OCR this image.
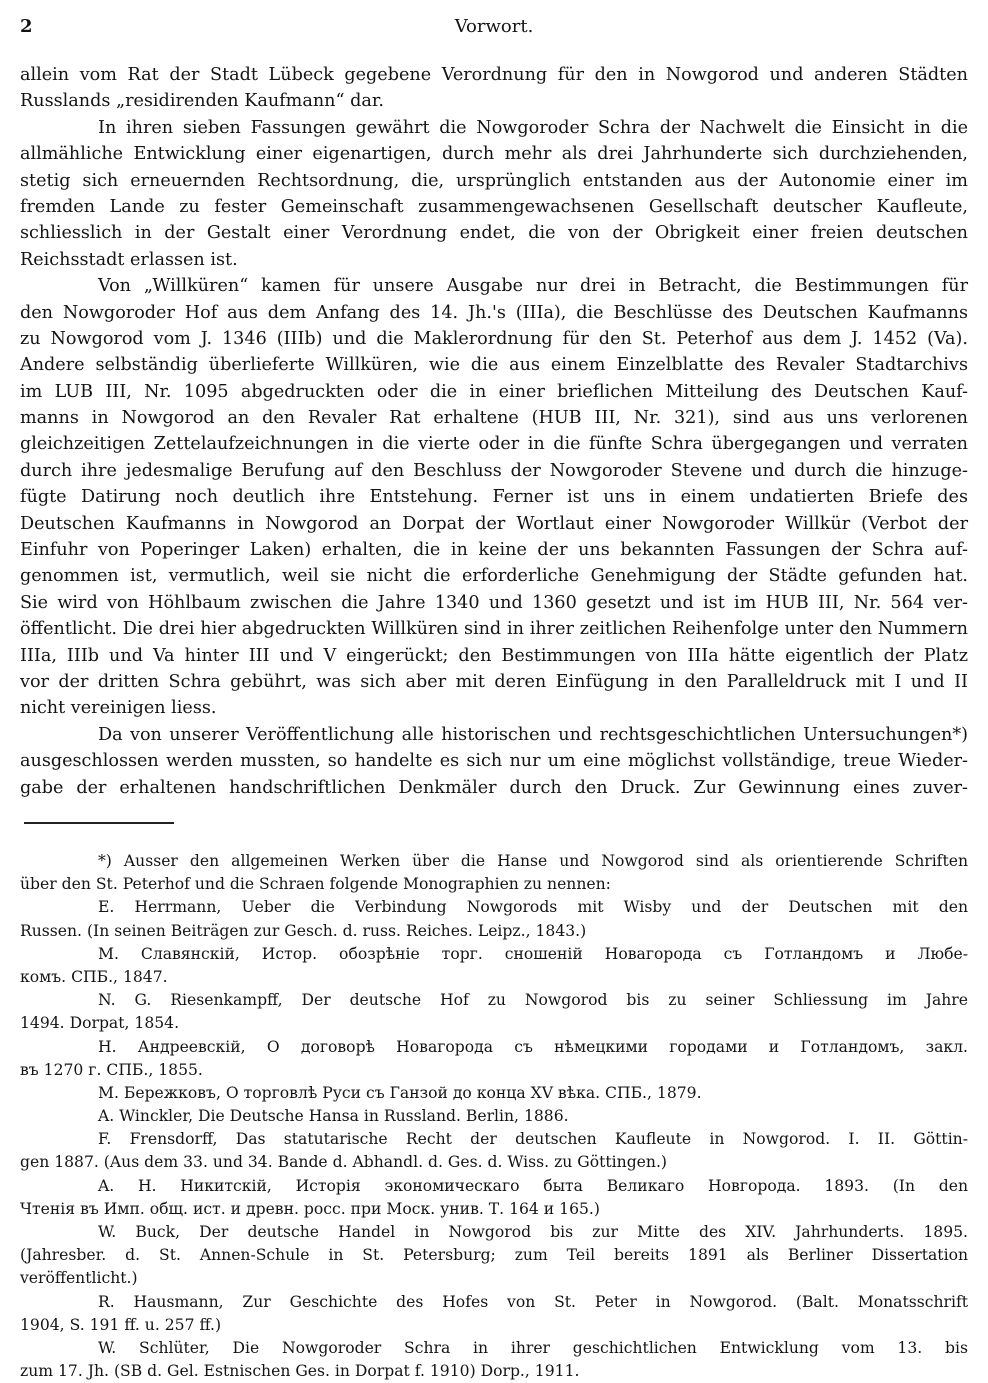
2	Vorwort.
allein vom Rat der Stadt Lübeck gegebene Verordnung für den in Nowgorod und anderen Städten
Russlands „residirenden Kaufmann“ dar.
In ihren sieben Fassungen gewährt die Nowgoroder Schra der Nachwelt die Einsicht in die
allmähliche Entwicklung einer eigenartigen, durch mehr als drei Jahrhunderte sich durchziehenden,
stetig sich erneuernden Rechtsordnung, die, ursprünglich entstanden aus der Autonomie einer im
fremden Lande zu fester Gemeinschaft zusammengewachsenen Gesellschaft deutscher Kaufleute,
schliesslich in der Gestalt einer Verordnung endet, die von der Obrigkeit einer freien deutschen
Reichsstadt erlassen ist.
Von „Willküren“ kamen für unsere Ausgabe nur drei in Betracht, die Bestimmungen für
den Nowgoroder Hof aus dem Anfang des 14. Jh.'s (IIIa), die Beschlüsse des Deutschen Kaufmanns
zu Nowgorod vom J. 1346 (IIIb) und die Maklerordnung für den St. Peterhof aus dem J. 1452 (Va).
Andere selbständig überlieferte Willküren, wie die aus einem Einzelblatte des Revaler Stadtarchivs
im LUB III, Nr. 1095 abgedruckten oder die in einer brieflichen Mitteilung des Deutschen Kauf-
manns in Nowgorod an den Revaler Rat erhaltene (HUB III, Nr. 321), sind aus uns verlorenen
gleichzeitigen Zettelaufzeichnungen in die vierte oder in die fünfte Schra übergegangen und verraten
durch ihre jedesmalige Berufung auf den Beschluss der Nowgoroder Stevene und durch die hinzuge-
fügte Datirung noch deutlich ihre Entstehung. Ferner ist uns in einem undatierten Briefe des
Deutschen Kaufmanns in Nowgorod an Dorpat der Wortlaut einer Nowgoroder Willkür (Verbot der
Einfuhr von Poperinger Laken) erhalten, die in keine der uns bekannten Fassungen der Schra auf-
genommen ist, vermutlich, weil sie nicht die erforderliche Genehmigung der Städte gefunden hat.
Sie wird von Höhlbaum zwischen die Jahre 1340 und 1360 gesetzt und ist im HUB III, Nr. 564 ver-
öffentlicht. Die drei hier abgedruckten Willküren sind in ihrer zeitlichen Reihenfolge unter den Nummern
IIIa, IIIb und Va hinter III und V eingerückt; den Bestimmungen von IIIa hätte eigentlich der Platz
vor der dritten Schra gebührt, was sich aber mit deren Einfügung in den Paralleldruck mit I und II
nicht vereinigen liess.
Da von unserer Veröffentlichung alle historischen und rechtsgeschichtlichen Untersuchungen*)
ausgeschlossen werden mussten, so handelte es sich nur um eine möglichst vollständige, treue Wieder-
gabe der erhaltenen handschriftlichen Denkmäler durch den Druck. Zur Gewinnung eines zuver-
*) Ausser den allgemeinen Werken über die Hanse und Nowgorod sind als orientierende Schriften
über den St. Peterhof und die Schraen folgende Monographien zu nennen:
E. Herrmann, Ueber die Verbindung Nowgorods mit Wisby und der Deutschen mit den
Russen. (In seinen Beiträgen zur Gesch. d. russ. Reiches. Leipz., 1843.)
M. Славянскій, Истор. обозрѣніе торг. сношеній Новагорода съ Готландомъ и Любе-
комъ. СПБ., 1847.
N. G. Riesenkampff, Der deutsche Hof zu Nowgorod bis zu seiner Schliessung im Jahre
1494. Dorpat, 1854.
Н. Андреевскій, О договорѣ Новагорода съ нѣмецкими городами и Готландомъ, закл.
въ 1270 г. СПБ., 1855.
M. Бережковъ, О торговлѣ Руси съ Ганзой до конца XV вѣка. СПБ., 1879.
A. Winckler, Die Deutsche Hansa in Russland. Berlin, 1886.
F. Frensdorff, Das statutarische Recht der deutschen Kaufleute in Nowgorod. I. II. Göttin-
gen 1887. (Aus dem 33. und 34. Bande d. Abhandl. d. Ges. d. Wiss. zu Göttingen.)
A. H. Никитскій, Исторія экономическаго быта Великаго Новгорода. 1893. (In den
Чтенія въ Имп. общ. ист. и древн. росс. при Моск. унив. Т. 164 и 165.)
W. Buck, Der deutsche Handel in Nowgorod bis zur Mitte des XIV. Jahrhunderts. 1895.
(Jahresber. d. St. Annen-Schule in St. Petersburg; zum Teil bereits 1891 als Berliner Dissertation
veröffentlicht.)
R. Hausmann, Zur Geschichte des Hofes von St. Peter in Nowgorod. (Balt. Monatsschrift
1904, S. 191 ff. u. 257 ff.)
W. Schlüter, Die Nowgoroder Schra in ihrer geschichtlichen Entwicklung vom 13. bis
zum 17. Jh. (SB d. Gel. Estnischen Ges. in Dorpat f. 1910) Dorp., 1911.
